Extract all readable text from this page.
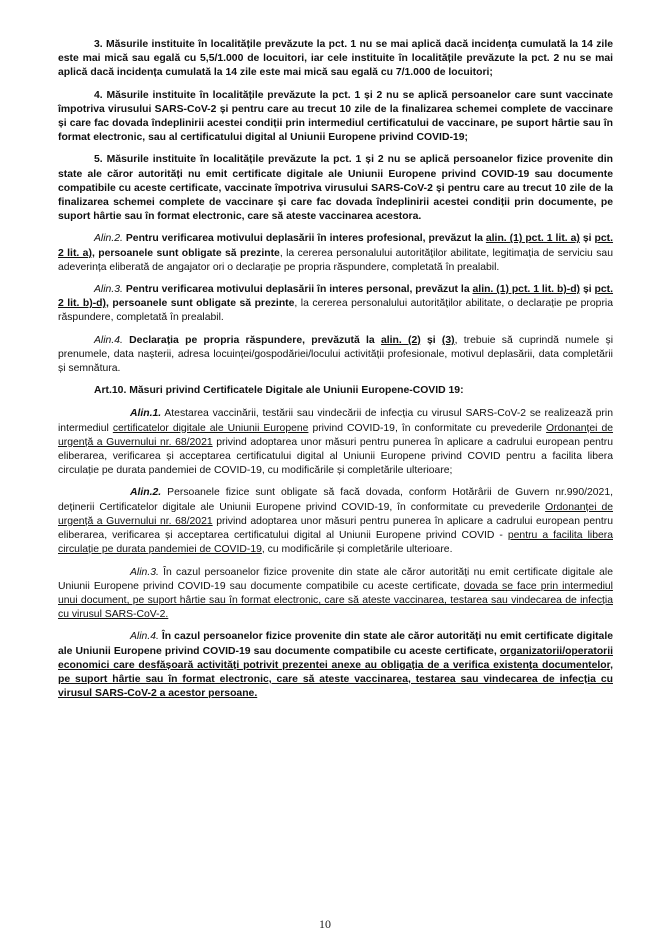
3. Măsurile instituite în localitățile prevăzute la pct. 1 nu se mai aplică dacă incidența cumulată la 14 zile este mai mică sau egală cu 5,5/1.000 de locuitori, iar cele instituite în localitățile prevăzute la pct. 2 nu se mai aplică dacă incidența cumulată la 14 zile este mai mică sau egală cu 7/1.000 de locuitori;

4. Măsurile instituite în localitățile prevăzute la pct. 1 și 2 nu se aplică persoanelor care sunt vaccinate împotriva virusului SARS-CoV-2 și pentru care au trecut 10 zile de la finalizarea schemei complete de vaccinare și care fac dovada îndeplinirii acestei condiții prin intermediul certificatului de vaccinare, pe suport hârtie sau în format electronic, sau al certificatului digital al Uniunii Europene privind COVID-19;

5. Măsurile instituite în localitățile prevăzute la pct. 1 și 2 nu se aplică persoanelor fizice provenite din state ale căror autorități nu emit certificate digitale ale Uniunii Europene privind COVID-19 sau documente compatibile cu aceste certificate, vaccinate împotriva virusului SARS-CoV-2 și pentru care au trecut 10 zile de la finalizarea schemei complete de vaccinare și care fac dovada îndeplinirii acestei condiții prin documente, pe suport hârtie sau în format electronic, care să ateste vaccinarea acestora.

Alin.2. Pentru verificarea motivului deplasării în interes profesional, prevăzut la alin. (1) pct. 1 lit. a) și pct. 2 lit. a), persoanele sunt obligate să prezinte, la cererea personalului autorităților abilitate, legitimația de serviciu sau adeverința eliberată de angajator ori o declarație pe propria răspundere, completată în prealabil.

Alin.3. Pentru verificarea motivului deplasării în interes personal, prevăzut la alin. (1) pct. 1 lit. b)-d) și pct. 2 lit. b)-d), persoanele sunt obligate să prezinte, la cererea personalului autorităților abilitate, o declarație pe propria răspundere, completată în prealabil.

Alin.4. Declarația pe propria răspundere, prevăzută la alin. (2) și (3), trebuie să cuprindă numele și prenumele, data nașterii, adresa locuinței/gospodăriei/locului activității profesionale, motivul deplasării, data completării și semnătura.

Art.10. Măsuri privind Certificatele Digitale ale Uniunii Europene-COVID 19:

Alin.1. Atestarea vaccinării, testării sau vindecării de infecția cu virusul SARS-CoV-2 se realizează prin intermediul certificatelor digitale ale Uniunii Europene privind COVID-19, în conformitate cu prevederile Ordonanței de urgență a Guvernului nr. 68/2021 privind adoptarea unor măsuri pentru punerea în aplicare a cadrului european pentru eliberarea, verificarea și acceptarea certificatului digital al Uniunii Europene privind COVID pentru a facilita libera circulație pe durata pandemiei de COVID-19, cu modificările și completările ulterioare;

Alin.2. Persoanele fizice sunt obligate să facă dovada, conform Hotărârii de Guvern nr.990/2021, deținerii Certificatelor digitale ale Uniunii Europene privind COVID-19, în conformitate cu prevederile Ordonanței de urgență a Guvernului nr. 68/2021 privind adoptarea unor măsuri pentru punerea în aplicare a cadrului european pentru eliberarea, verificarea și acceptarea certificatului digital al Uniunii Europene privind COVID - pentru a facilita libera circulație pe durata pandemiei de COVID-19, cu modificările și completările ulterioare.

Alin.3. În cazul persoanelor fizice provenite din state ale căror autorități nu emit certificate digitale ale Uniunii Europene privind COVID-19 sau documente compatibile cu aceste certificate, dovada se face prin intermediul unui document, pe suport hârtie sau în format electronic, care să ateste vaccinarea, testarea sau vindecarea de infecția cu virusul SARS-CoV-2.

Alin.4. În cazul persoanelor fizice provenite din state ale căror autorități nu emit certificate digitale ale Uniunii Europene privind COVID-19 sau documente compatibile cu aceste certificate, organizatorii/operatorii economici care desfășoară activități potrivit prezentei anexe au obligația de a verifica existența documentelor, pe suport hârtie sau în format electronic, care să ateste vaccinarea, testarea sau vindecarea de infecția cu virusul SARS-CoV-2 a acestor persoane.

10
